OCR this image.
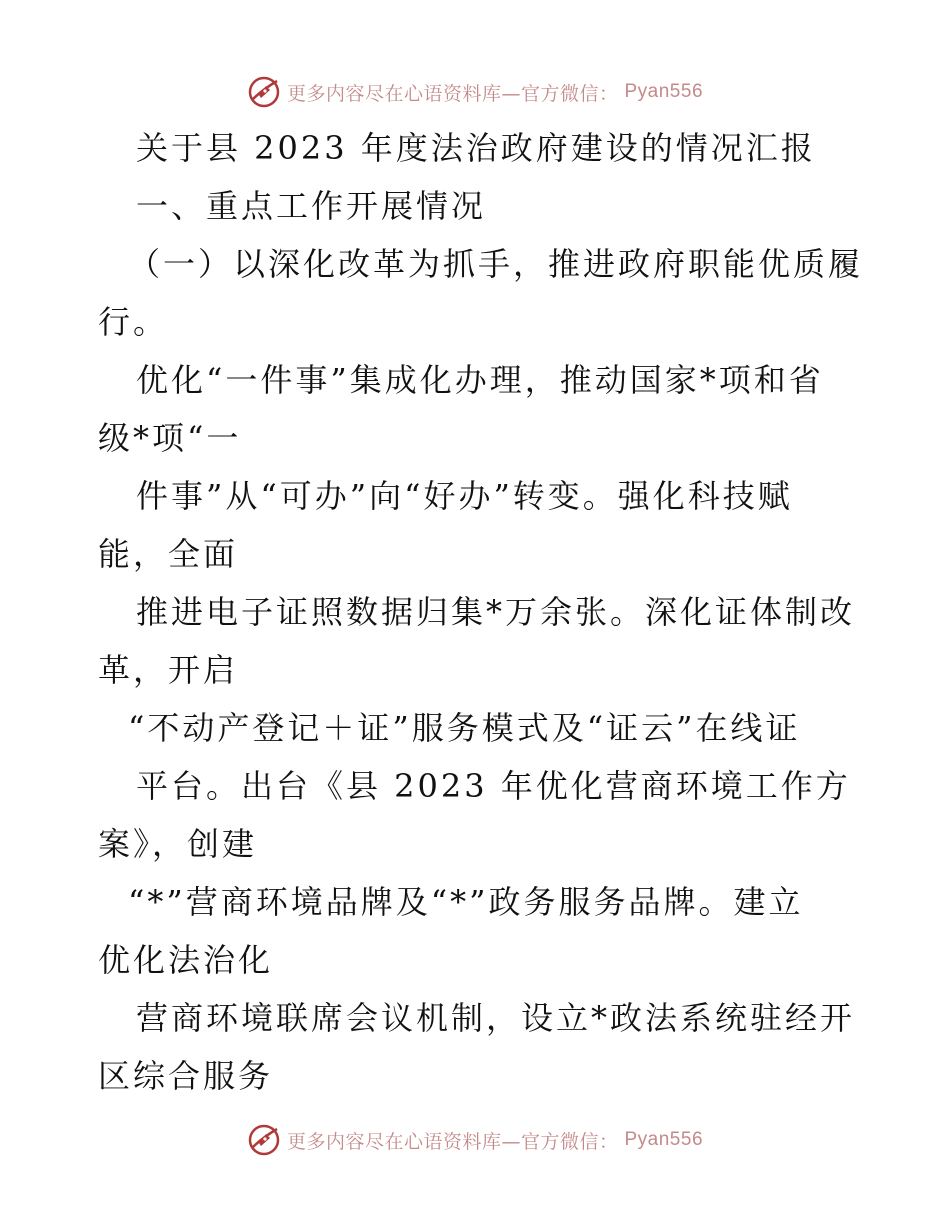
更多内容尽在心语资料库—官方微信： Pyan556
关于县 2023 年度法治政府建设的情况汇报
一、重点工作开展情况
（一）以深化改革为抓手，推进政府职能优质履
行。
优化“一件事”集成化办理，推动国家*项和省
级*项“一
件事”从“可办”向“好办”转变。强化科技赋
能，全面
推进电子证照数据归集*万余张。深化证体制改
革，开启
“不动产登记＋证”服务模式及“证云”在线证
平台。出台《县 2023 年优化营商环境工作方
案》，创建
“*”营商环境品牌及“*”政务服务品牌。建立
优化法治化
营商环境联席会议机制，设立*政法系统驻经开
区综合服务
更多内容尽在心语资料库—官方微信： Pyan556
